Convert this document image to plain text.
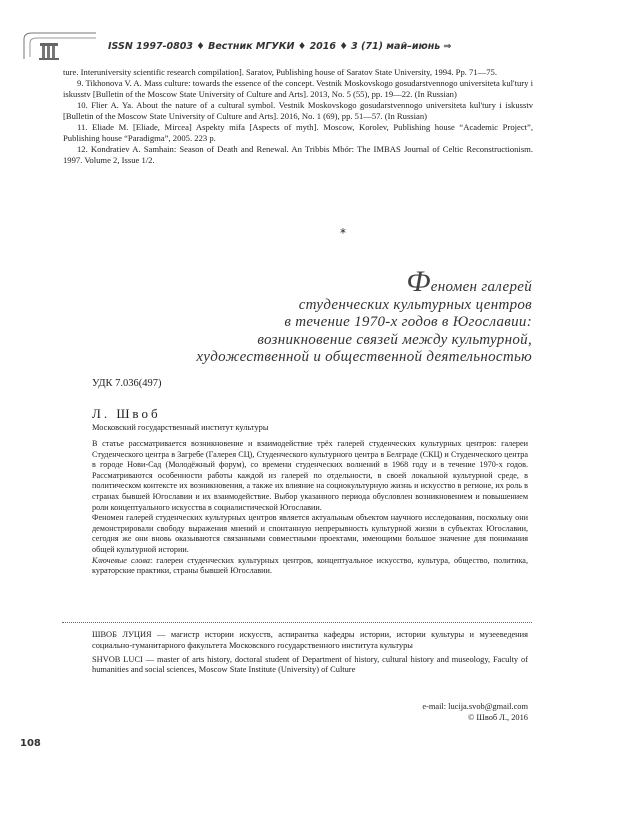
ISSN 1997-0803 ♦ Вестник МГУКИ ♦ 2016 ♦ 3 (71) май–июнь ⇒

ture. Interuniversity scientific research compilation]. Saratov, Publishing house of Saratov State University, 1994. Pp. 71—75.

9. Tikhonova V. A. Mass culture: towards the essence of the concept. Vestnik Moskovskogo gosudarstvennogo universiteta kul'tury i iskusstv [Bulletin of the Moscow State University of Culture and Arts]. 2013, No. 5 (55), pp. 19—22. (In Russian)

10. Flier A. Ya. About the nature of a cultural symbol. Vestnik Moskovskogo gosudarstvennogo universiteta kul'tury i iskusstv [Bulletin of the Moscow State University of Culture and Arts]. 2016, No. 1 (69), pp. 51—57. (In Russian)

11. Eliade M. [Eliade, Mircea] Aspekty mifa [Aspects of myth]. Moscow, Korolev, Publishing house “Academic Project”, Publishing house “Paradigma”, 2005. 223 p.

12. Kondratiev A. Samhain: Season of Death and Renewal. An Tribbis Mbór: The IMBAS Journal of Celtic Reconstructionism. 1997. Volume 2, Issue 1/2.

*
Феномен галерей
студенческих культурных центров
в течение 1970-х годов в Югославии:
возникновение связей между культурной,
художественной и общественной деятельностью
УДК 7.036(497)
Л. Швоб
Московский государственный институт культуры

В статье рассматривается возникновение и взаимодействие трёх галерей студенческих культурных центров: галереи Студенческого центра в Загребе (Галерея СЦ), Студенческого культурного центра в Белграде (СКЦ) и Студенческого центра в городе Нови-Сад (Молодёжный форум), со времени студенческих волнений в 1968 году и в течение 1970-х годов. Рассматриваются особенности работы каждой из галерей по отдельности, в своей локальной культурной среде, в политическом контексте их возникновения, а также их влияние на социокультурную жизнь и искусство в регионе, их роль в странах бывшей Югославии и их взаимодействие. Выбор указанного периода обусловлен возникновением и повышением роли концептуального искусства в социалистической Югославии.

Феномен галерей студенческих культурных центров является актуальным объектом научного исследования, поскольку они демонстрировали свободу выражения мнений и спонтанную непрерывность культурной жизни в субъектах Югославии, сегодня же они вновь оказываются связанными совместными проектами, имеющими большое значение для понимания общей культурной истории.

Ключевые слова: галереи студенческих культурных центров, концептуальное искусство, культура, общество, политика, кураторские практики, страны бывшей Югославии.

ШВОБ ЛУЦИЯ — магистр истории искусств, аспирантка кафедры истории, истории культуры и музееведения социально-гуманитарного факультета Московского государственного института культуры

SHVOB LUCI — master of arts history, doctoral student of Department of history, cultural history and museology, Faculty of humanities and social sciences, Moscow State Institute (University) of Culture

e-mail: lucija.svob@gmail.com
© Швоб Л., 2016
108
